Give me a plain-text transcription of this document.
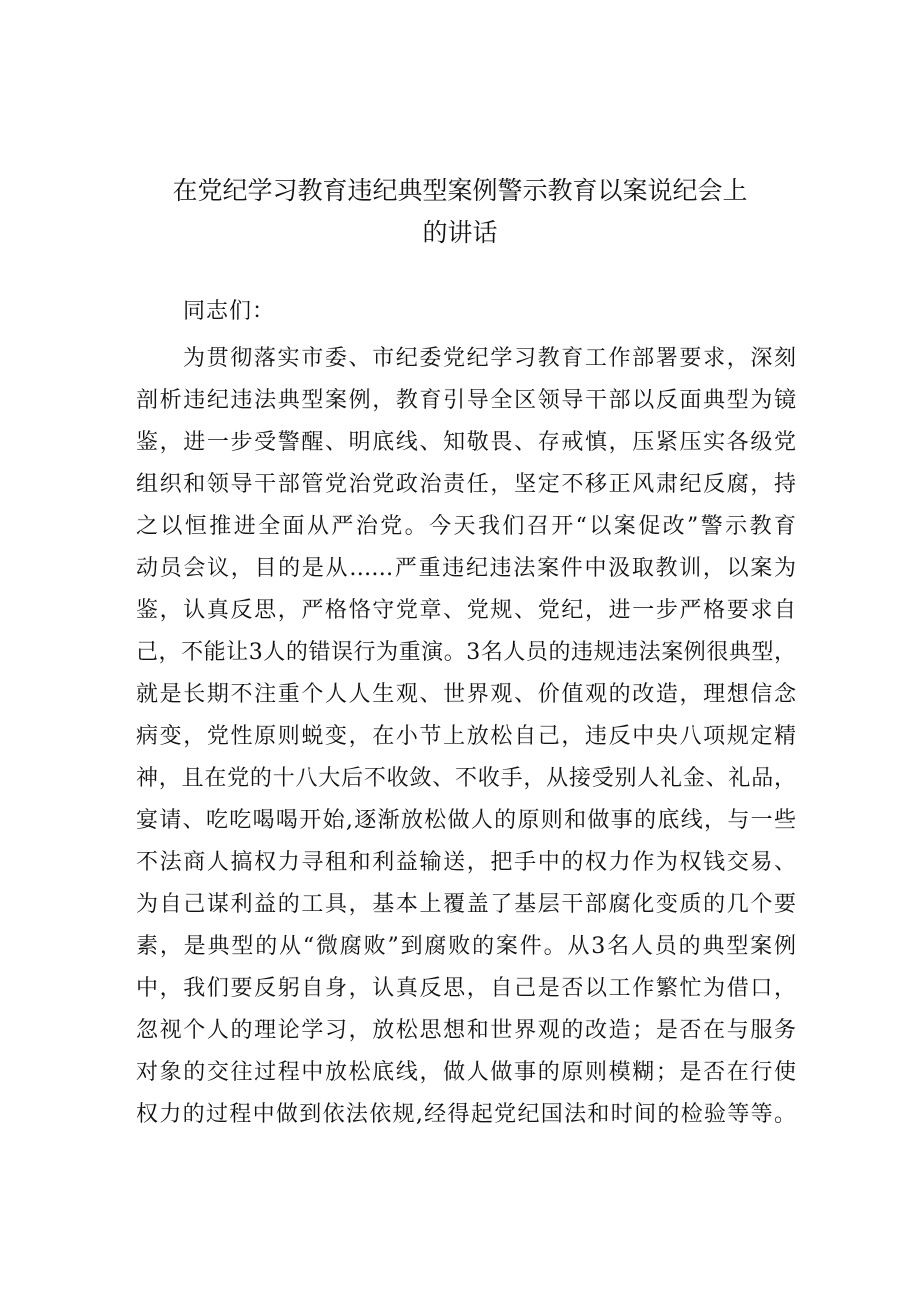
在党纪学习教育违纪典型案例警示教育以案说纪会上
的讲话
同志们：
为贯彻落实市委、市纪委党纪学习教育工作部署要求，深刻
剖析违纪违法典型案例，教育引导全区领导干部以反面典型为镜
鉴，进一步受警醒、明底线、知敬畏、存戒慎，压紧压实各级党
组织和领导干部管党治党政治责任，坚定不移正风肃纪反腐，持
之以恒推进全面从严治党。今天我们召开“以案促改”警示教育
动员会议，目的是从……严重违纪违法案件中汲取教训，以案为
鉴，认真反思，严格恪守党章、党规、党纪，进一步严格要求自
己，不能让3人的错误行为重演。3名人员的违规违法案例很典型，
就是长期不注重个人人生观、世界观、价值观的改造，理想信念
病变，党性原则蜕变，在小节上放松自己，违反中央八项规定精
神，且在党的十八大后不收敛、不收手，从接受别人礼金、礼品，
宴请、吃吃喝喝开始,逐渐放松做人的原则和做事的底线，与一些
不法商人搞权力寻租和利益输送，把手中的权力作为权钱交易、
为自己谋利益的工具，基本上覆盖了基层干部腐化变质的几个要
素，是典型的从“微腐败”到腐败的案件。从3名人员的典型案例
中，我们要反躬自身，认真反思，自己是否以工作繁忙为借口，
忽视个人的理论学习，放松思想和世界观的改造；是否在与服务
对象的交往过程中放松底线，做人做事的原则模糊；是否在行使
权力的过程中做到依法依规,经得起党纪国法和时间的检验等等。
